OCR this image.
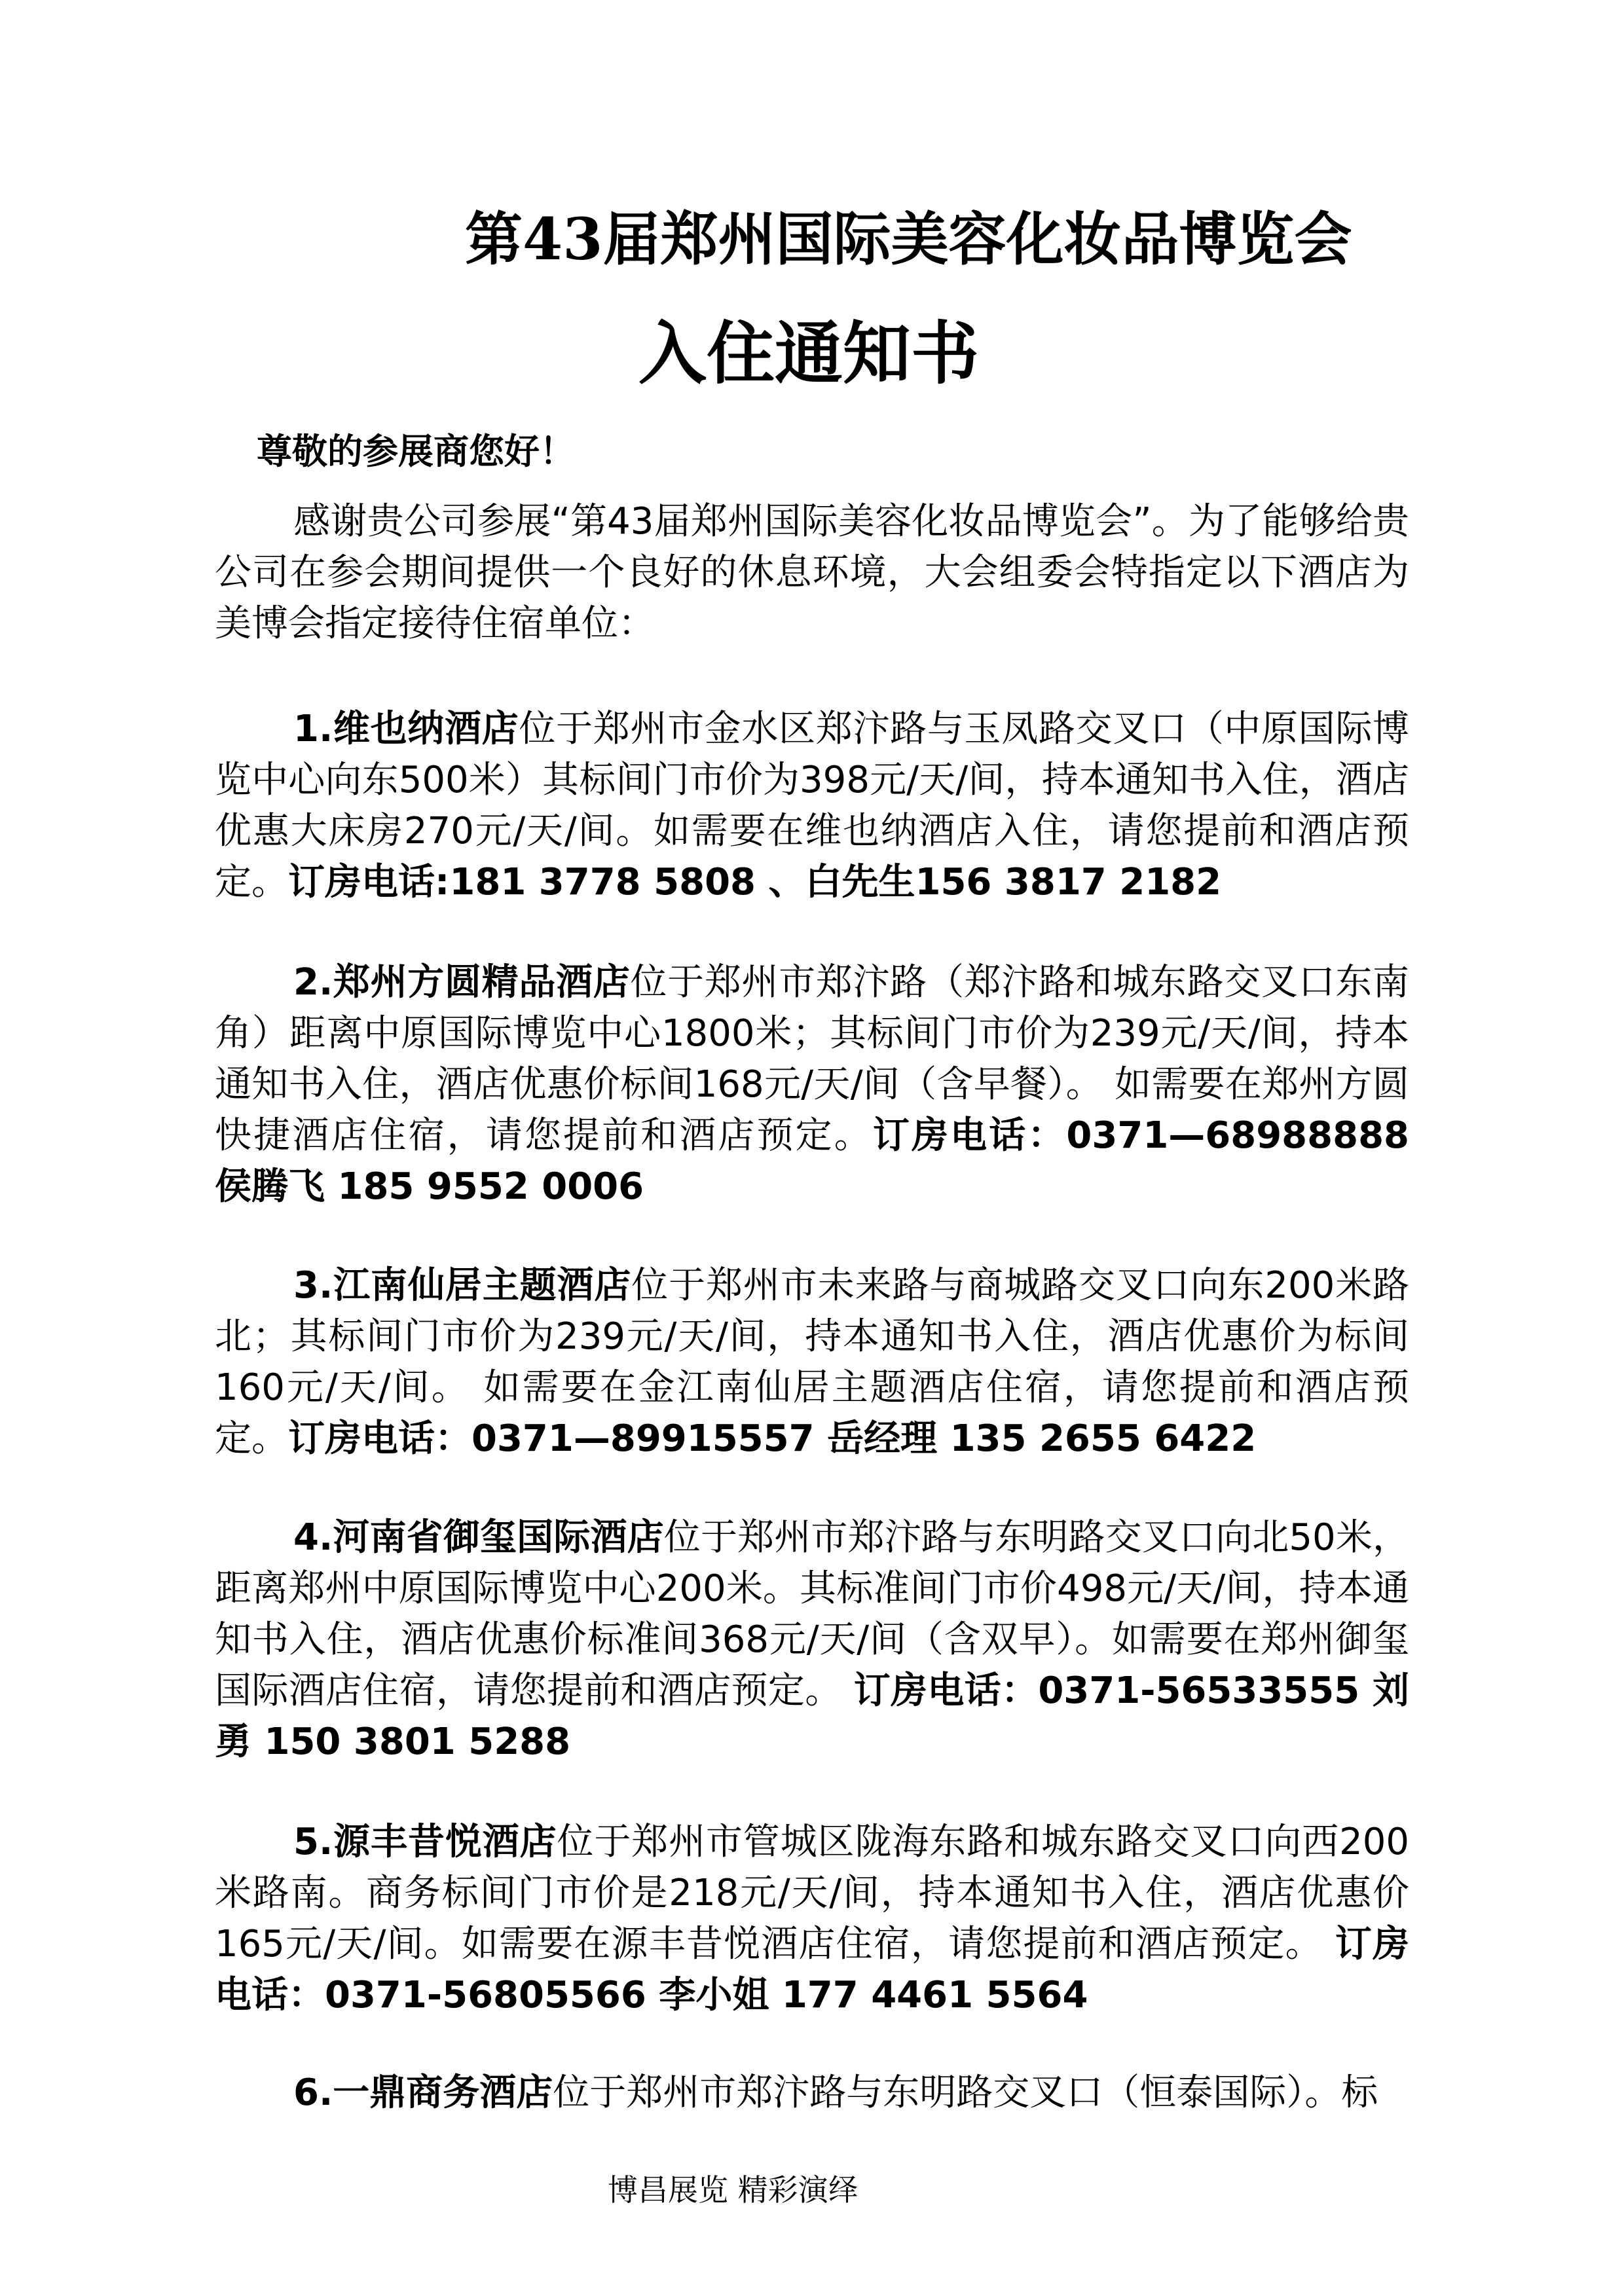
第43届郑州国际美容化妆品博览会
入住通知书
尊敬的参展商您好！
感谢贵公司参展“第43届郑州国际美容化妆品博览会”。为了能够给贵公司在参会期间提供一个良好的休息环境，大会组委会特指定以下酒店为美博会指定接待住宿单位：
1.维也纳酒店位于郑州市金水区郑汴路与玉凤路交叉口（中原国际博览中心向东500米）其标间门市价为398元/天/间，持本通知书入住，酒店优惠大床房270元/天/间。如需要在维也纳酒店入住，请您提前和酒店预定。订房电话:181 3778 5808 、白先生156 3817 2182
2.郑州方圆精品酒店位于郑州市郑汴路（郑汴路和城东路交叉口东南角）距离中原国际博览中心1800米；其标间门市价为239元/天/间，持本通知书入住，酒店优惠价标间168元/天/间（含早餐）。 如需要在郑州方圆快捷酒店住宿，请您提前和酒店预定。订房电话：0371—68988888 侯腾飞 185 9552 0006
3.江南仙居主题酒店位于郑州市未来路与商城路交叉口向东200米路北；其标间门市价为239元/天/间，持本通知书入住，酒店优惠价为标间160元/天/间。 如需要在金江南仙居主题酒店住宿，请您提前和酒店预定。订房电话：0371—89915557 岳经理 135 2655 6422
4.河南省御玺国际酒店位于郑州市郑汴路与东明路交叉口向北50米，距离郑州中原国际博览中心200米。其标准间门市价498元/天/间，持本通知书入住，酒店优惠价标准间368元/天/间（含双早）。如需要在郑州御玺国际酒店住宿，请您提前和酒店预定。 订房电话：0371-56533555 刘勇 150 3801 5288
5.源丰昔悦酒店位于郑州市管城区陇海东路和城东路交叉口向西200米路南。商务标间门市价是218元/天/间，持本通知书入住，酒店优惠价165元/天/间。如需要在源丰昔悦酒店住宿，请您提前和酒店预定。 订房电话：0371-56805566 李小姐 177 4461 5564
6.一鼎商务酒店位于郑州市郑汴路与东明路交叉口（恒泰国际）。标
博昌展览 精彩演绎
